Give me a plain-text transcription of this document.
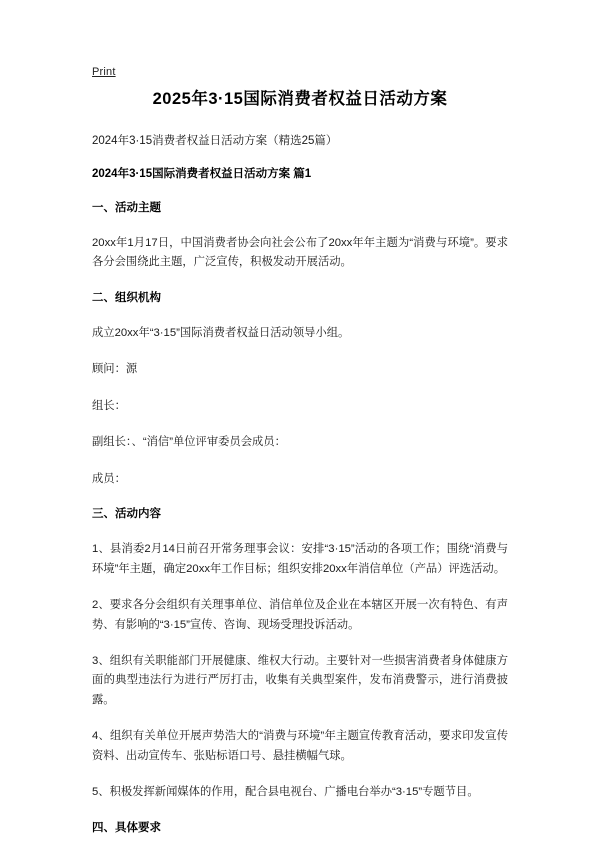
Print
2025年3·15国际消费者权益日活动方案

2024年3·15消费者权益日活动方案（精选25篇）

2024年3·15国际消费者权益日活动方案 篇1

一、活动主题

20xx年1月17日，中国消费者协会向社会公布了20xx年年主题为“消费与环境”。要求各分会围绕此主题，广泛宣传，积极发动开展活动。

二、组织机构

成立20xx年“3·15”国际消费者权益日活动领导小组。

顾问：源

组长：

副组长：、“消信”单位评审委员会成员：

成员：

三、活动内容

1、县消委2月14日前召开常务理事会议：安排“3·15”活动的各项工作；围绕“消费与环境”年主题，确定20xx年工作目标；组织安排20xx年消信单位（产品）评选活动。

2、要求各分会组织有关理事单位、消信单位及企业在本辖区开展一次有特色、有声势、有影响的“3·15”宣传、咨询、现场受理投诉活动。

3、组织有关职能部门开展健康、维权大行动。主要针对一些损害消费者身体健康方面的典型违法行为进行严厉打击，收集有关典型案件，发布消费警示，进行消费披露。

4、组织有关单位开展声势浩大的“消费与环境”年主题宣传教育活动，要求印发宣传资料、出动宣传车、张贴标语口号、悬挂横幅气球。

5、积极发挥新闻媒体的作用，配合县电视台、广播电台举办“3·15”专题节目。

四、具体要求
